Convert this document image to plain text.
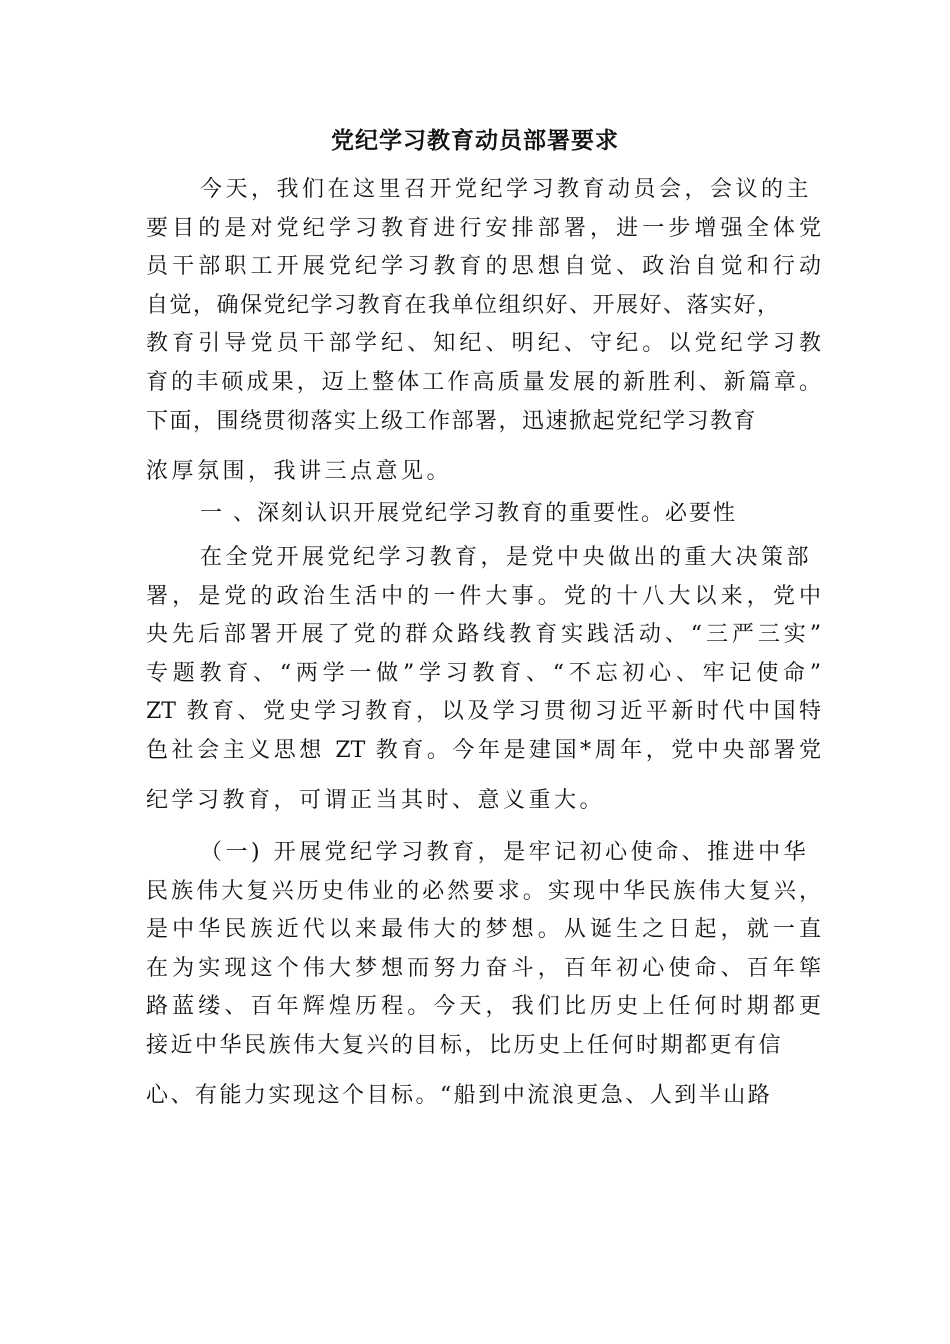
党纪学习教育动员部署要求
今天，我们在这里召开党纪学习教育动员会，会议的主
要目的是对党纪学习教育进行安排部署，进一步增强全体党
员干部职工开展党纪学习教育的思想自觉、政治自觉和行动
自觉，确保党纪学习教育在我单位组织好、开展好、落实好，
教育引导党员干部学纪、知纪、明纪、守纪。以党纪学习教
育的丰硕成果，迈上整体工作高质量发展的新胜利、新篇章。
下面，围绕贯彻落实上级工作部署，迅速掀起党纪学习教育
浓厚氛围，我讲三点意见。
一 、深刻认识开展党纪学习教育的重要性。必要性
在全党开展党纪学习教育，是党中央做出的重大决策部
署，是党的政治生活中的一件大事。党的十八大以来，党中
央先后部署开展了党的群众路线教育实践活动、“三严三实”
专题教育、“两学一做”学习教育、“不忘初心、牢记使命”
ZT 教育、党史学习教育，以及学习贯彻习近平新时代中国特
色社会主义思想 ZT 教育。今年是建国*周年，党中央部署党
纪学习教育，可谓正当其时、意义重大。
（一) 开展党纪学习教育，是牢记初心使命、推进中华
民族伟大复兴历史伟业的必然要求。实现中华民族伟大复兴，
是中华民族近代以来最伟大的梦想。从诞生之日起，就一直
在为实现这个伟大梦想而努力奋斗，百年初心使命、百年筚
路蓝缕、百年辉煌历程。今天，我们比历史上任何时期都更
接近中华民族伟大复兴的目标，比历史上任何时期都更有信
心、有能力实现这个目标。“船到中流浪更急、人到半山路
